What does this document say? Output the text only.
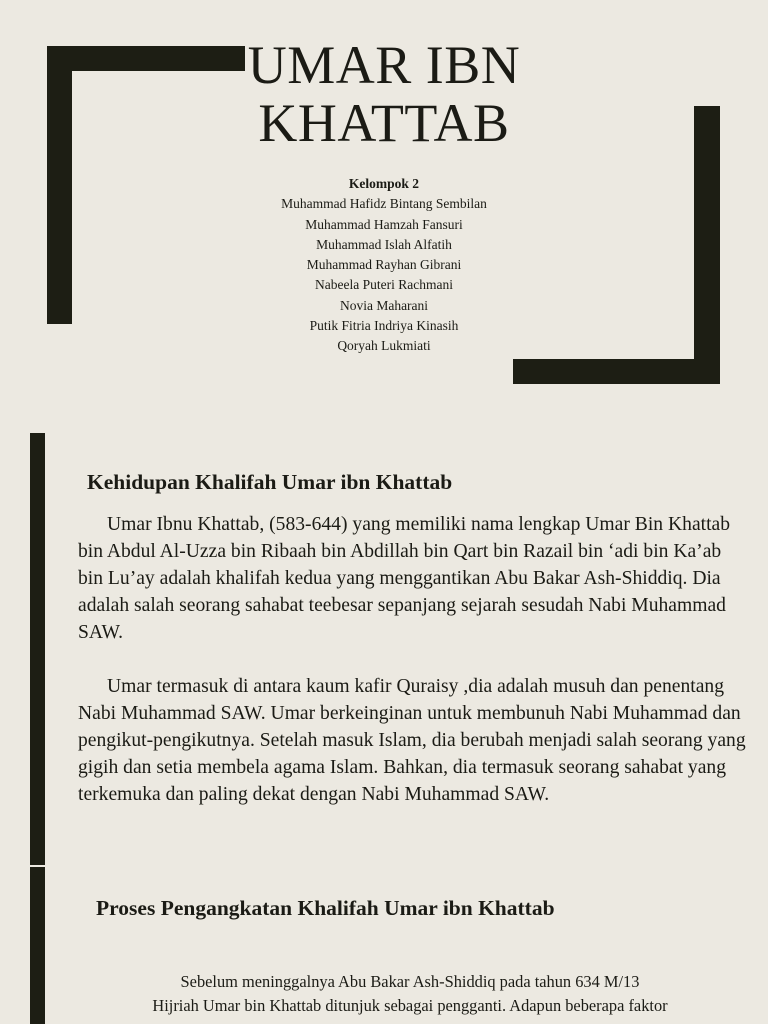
UMAR IBN KHATTAB
Kelompok 2
Muhammad Hafidz Bintang Sembilan
Muhammad Hamzah Fansuri
Muhammad Islah Alfatih
Muhammad Rayhan Gibrani
Nabeela Puteri Rachmani
Novia Maharani
Putik Fitria Indriya Kinasih
Qoryah Lukmiati
Kehidupan Khalifah Umar ibn Khattab

Umar Ibnu Khattab, (583-644) yang memiliki nama lengkap Umar Bin Khattab bin Abdul Al-Uzza bin Ribaah bin Abdillah bin Qart bin Razail bin ‘adi bin Ka’ab bin Lu’ay adalah khalifah kedua yang menggantikan Abu Bakar Ash-Shiddiq. Dia adalah salah seorang sahabat teebesar sepanjang sejarah sesudah Nabi Muhammad SAW.

Umar termasuk di antara kaum kafir Quraisy ,dia adalah musuh dan penentang Nabi Muhammad SAW. Umar berkeinginan untuk membunuh Nabi Muhammad dan pengikut-pengikutnya. Setelah masuk Islam, dia berubah menjadi salah seorang yang gigih dan setia membela agama Islam. Bahkan, dia termasuk seorang sahabat yang terkemuka dan paling dekat dengan Nabi Muhammad SAW.

Proses Pengangkatan Khalifah Umar ibn Khattab
Sebelum meninggalnya Abu Bakar Ash-Shiddiq pada tahun 634 M/13
Hijriah Umar bin Khattab ditunjuk sebagai pengganti. Adapun beberapa faktor
